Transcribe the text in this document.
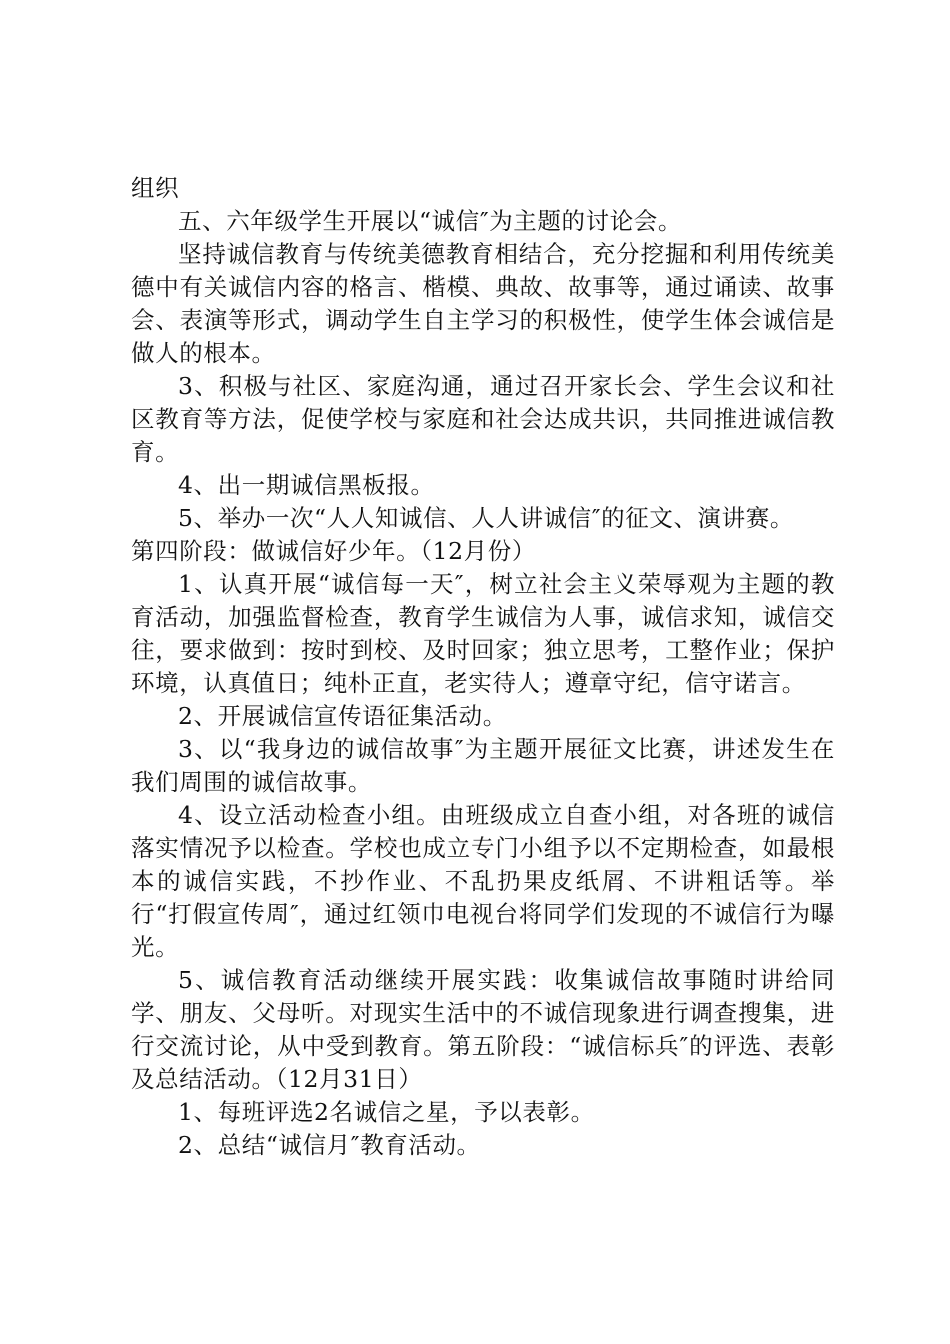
组织

五、六年级学生开展以“诚信″为主题的讨论会。

坚持诚信教育与传统美德教育相结合，充分挖掘和利用传统美德中有关诚信内容的格言、楷模、典故、故事等，通过诵读、故事会、表演等形式，调动学生自主学习的积极性，使学生体会诚信是做人的根本。

3、积极与社区、家庭沟通，通过召开家长会、学生会议和社区教育等方法，促使学校与家庭和社会达成共识，共同推进诚信教育。

4、出一期诚信黑板报。

5、举办一次“人人知诚信、人人讲诚信″的征文、演讲赛。

第四阶段：做诚信好少年。（12月份）

1、认真开展“诚信每一天″，树立社会主义荣辱观为主题的教育活动，加强监督检查，教育学生诚信为人事，诚信求知，诚信交往，要求做到：按时到校、及时回家；独立思考，工整作业；保护环境，认真值日；纯朴正直，老实待人；遵章守纪，信守诺言。

2、开展诚信宣传语征集活动。

3、以“我身边的诚信故事″为主题开展征文比赛，讲述发生在我们周围的诚信故事。

4、设立活动检查小组。由班级成立自查小组，对各班的诚信落实情况予以检查。学校也成立专门小组予以不定期检查，如最根本的诚信实践，不抄作业、不乱扔果皮纸屑、不讲粗话等。举行“打假宣传周″，通过红领巾电视台将同学们发现的不诚信行为曝光。

5、诚信教育活动继续开展实践：收集诚信故事随时讲给同学、朋友、父母听。对现实生活中的不诚信现象进行调查搜集，进行交流讨论，从中受到教育。第五阶段：“诚信标兵″的评选、表彰及总结活动。（12月31日）

1、每班评选2名诚信之星，予以表彰。

2、总结“诚信月″教育活动。
